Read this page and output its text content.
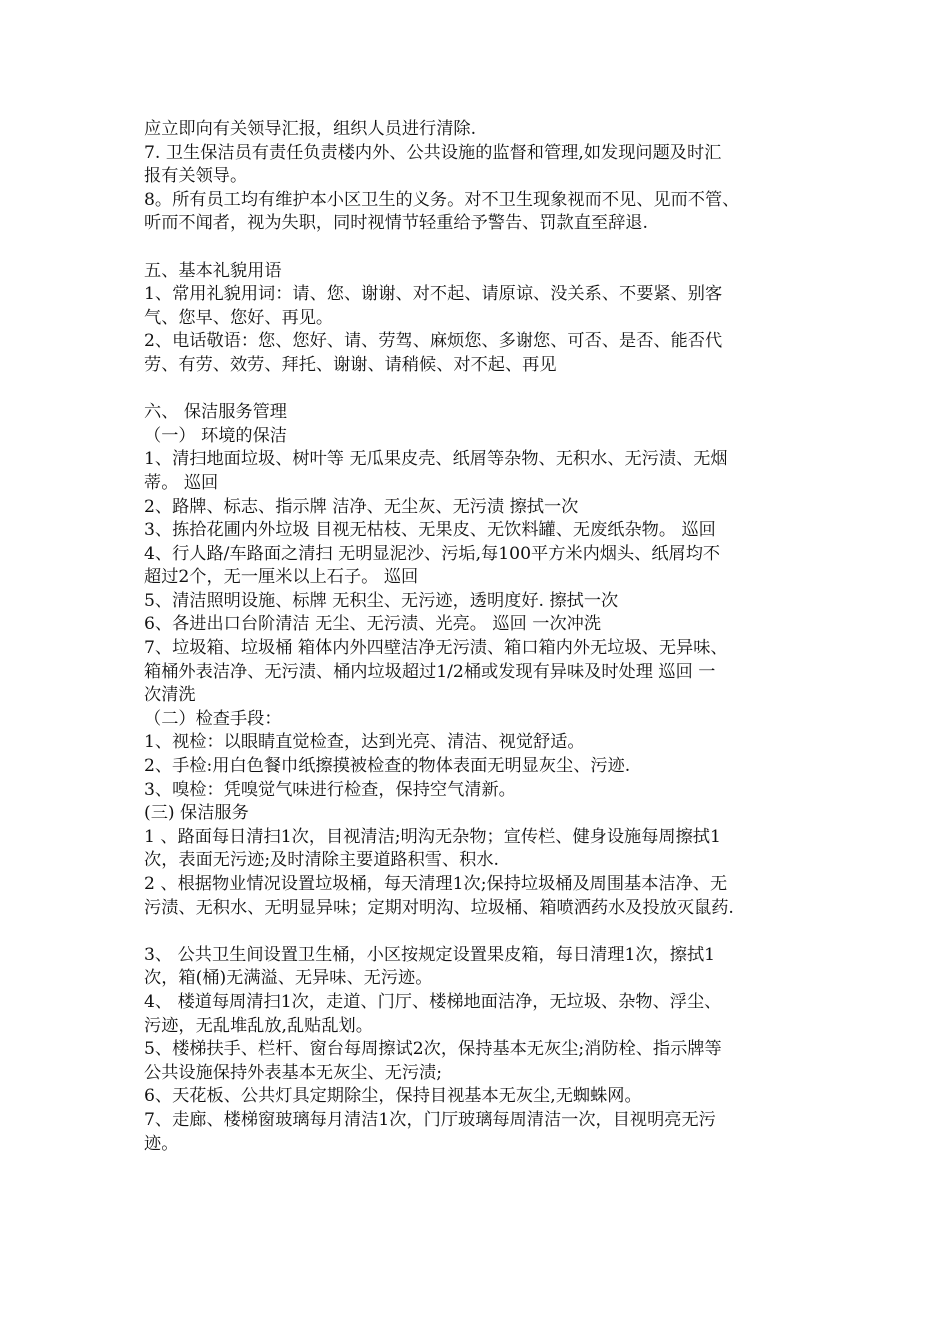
应立即向有关领导汇报，组织人员进行清除.
7. 卫生保洁员有责任负责楼内外、公共设施的监督和管理,如发现问题及时汇
报有关领导。
8。所有员工均有维护本小区卫生的义务。对不卫生现象视而不见、见而不管、
听而不闻者，视为失职，同时视情节轻重给予警告、罚款直至辞退.
五、基本礼貌用语
1、常用礼貌用词：请、您、谢谢、对不起、请原谅、没关系、不要紧、别客
气、您早、您好、再见。
2、电话敬语：您、您好、请、劳驾、麻烦您、多谢您、可否、是否、能否代
劳、有劳、效劳、拜托、谢谢、请稍候、对不起、再见
六、 保洁服务管理
（一） 环境的保洁
1、清扫地面垃圾、树叶等 无瓜果皮壳、纸屑等杂物、无积水、无污渍、无烟
蒂。 巡回
2、路牌、标志、指示牌 洁净、无尘灰、无污渍 擦拭一次
3、拣拾花圃内外垃圾 目视无枯枝、无果皮、无饮料罐、无废纸杂物。 巡回
4、行人路/车路面之清扫 无明显泥沙、污垢,每100平方米内烟头、纸屑均不
超过2个，无一厘米以上石子。 巡回
5、清洁照明设施、标牌 无积尘、无污迹，透明度好. 擦拭一次
6、各进出口台阶清洁 无尘、无污渍、光亮。 巡回 一次冲洗
7、垃圾箱、垃圾桶 箱体内外四壁洁净无污渍、箱口箱内外无垃圾、无异味、
箱桶外表洁净、无污渍、桶内垃圾超过1/2桶或发现有异味及时处理 巡回 一
次清洗
（二）检查手段：
1、视检：以眼睛直觉检查，达到光亮、清洁、视觉舒适。
2、手检:用白色餐巾纸擦摸被检查的物体表面无明显灰尘、污迹.
3、嗅检：凭嗅觉气味进行检查，保持空气清新。
(三) 保洁服务
1 、路面每日清扫1次，目视清洁;明沟无杂物；宣传栏、健身设施每周擦拭1
次，表面无污迹;及时清除主要道路积雪、积水.
2 、根据物业情况设置垃圾桶，每天清理1次;保持垃圾桶及周围基本洁净、无
污渍、无积水、无明显异味；定期对明沟、垃圾桶、箱喷洒药水及投放灭鼠药.
3、 公共卫生间设置卫生桶，小区按规定设置果皮箱，每日清理1次，擦拭1
次，箱(桶)无满溢、无异味、无污迹。
4、 楼道每周清扫1次，走道、门厅、楼梯地面洁净，无垃圾、杂物、浮尘、
污迹，无乱堆乱放,乱贴乱划。
5、楼梯扶手、栏杆、窗台每周擦试2次，保持基本无灰尘;消防栓、指示牌等
公共设施保持外表基本无灰尘、无污渍;
6、天花板、公共灯具定期除尘，保持目视基本无灰尘,无蜘蛛网。
7、走廊、楼梯窗玻璃每月清洁1次，门厅玻璃每周清洁一次，目视明亮无污
迹。
